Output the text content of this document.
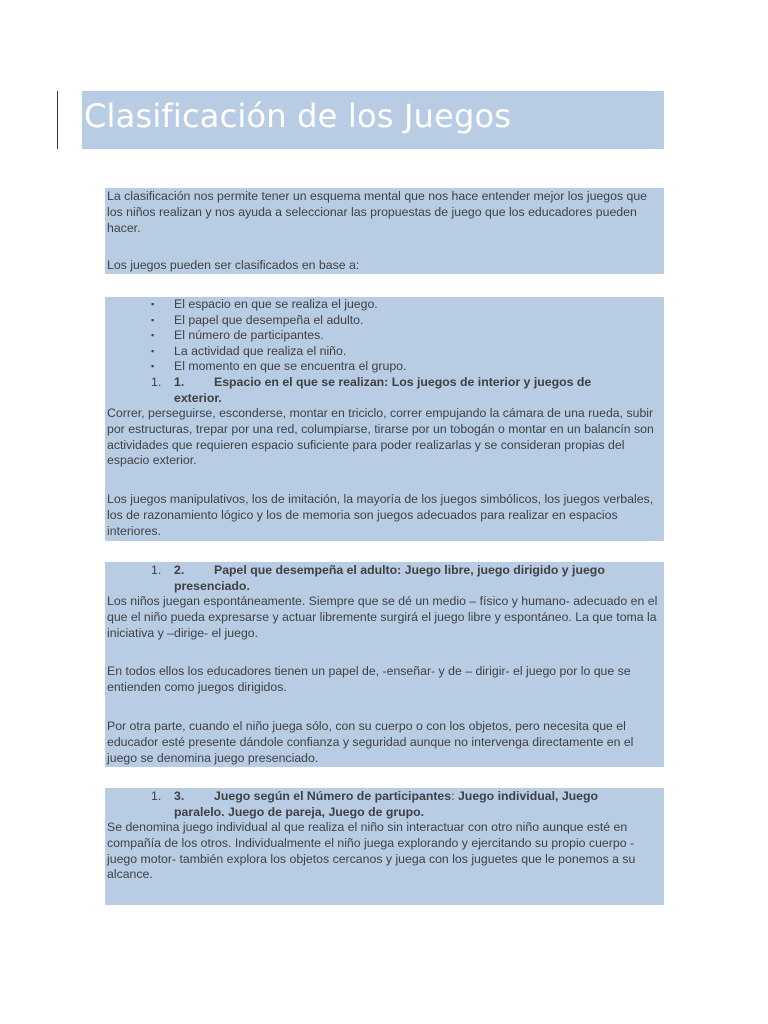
Clasificación de los Juegos

La clasificación nos permite tener un esquema mental que nos hace entender mejor los juegos que los niños realizan y nos ayuda a seleccionar las propuestas de juego que los educadores pueden hacer.

Los juegos pueden ser clasificados en base a:

▪ El espacio en que se realiza el juego.
▪ El papel que desempeña el adulto.
▪ El número de participantes.
▪ La actividad que realiza el niño.
▪ El momento en que se encuentra el grupo.
1. 1. Espacio en el que se realizan: Los juegos de interior y juegos de
exterior.

Correr, perseguirse, esconderse, montar en triciclo, correr empujando la cámara de una rueda, subir por estructuras, trepar por una red, columpiarse, tirarse por un tobogán o montar en un balancín son actividades que requieren espacio suficiente para poder realizarlas y se consideran propias del espacio exterior.

Los juegos manipulativos, los de imitación, la mayoría de los juegos simbólicos, los juegos verbales, los de razonamiento lógico y los de memoria son juegos adecuados para realizar en espacios interiores.

1. 2. Papel que desempeña el adulto: Juego libre, juego dirigido y juego
presenciado.

Los niños juegan espontáneamente. Siempre que se dé un medio – físico y humano- adecuado en el que el niño pueda expresarse y actuar libremente surgirá el juego libre y espontáneo. La que toma la iniciativa y –dirige- el juego.

En todos ellos los educadores tienen un papel de, -enseñar- y de – dirigir- el juego por lo que se entienden como juegos dirigidos.

Por otra parte, cuando el niño juega sólo, con su cuerpo o con los objetos, pero necesita que el educador esté presente dándole confianza y seguridad aunque no intervenga directamente en el juego se denomina juego presenciado.

1. 3. Juego según el Número de participantes: Juego individual, Juego
paralelo. Juego de pareja, Juego de grupo.

Se denomina juego individual al que realiza el niño sin interactuar con otro niño aunque esté en compañía de los otros. Individualmente el niño juega explorando y ejercitando su propio cuerpo -juego motor- también explora los objetos cercanos y juega con los juguetes que le ponemos a su alcance.
